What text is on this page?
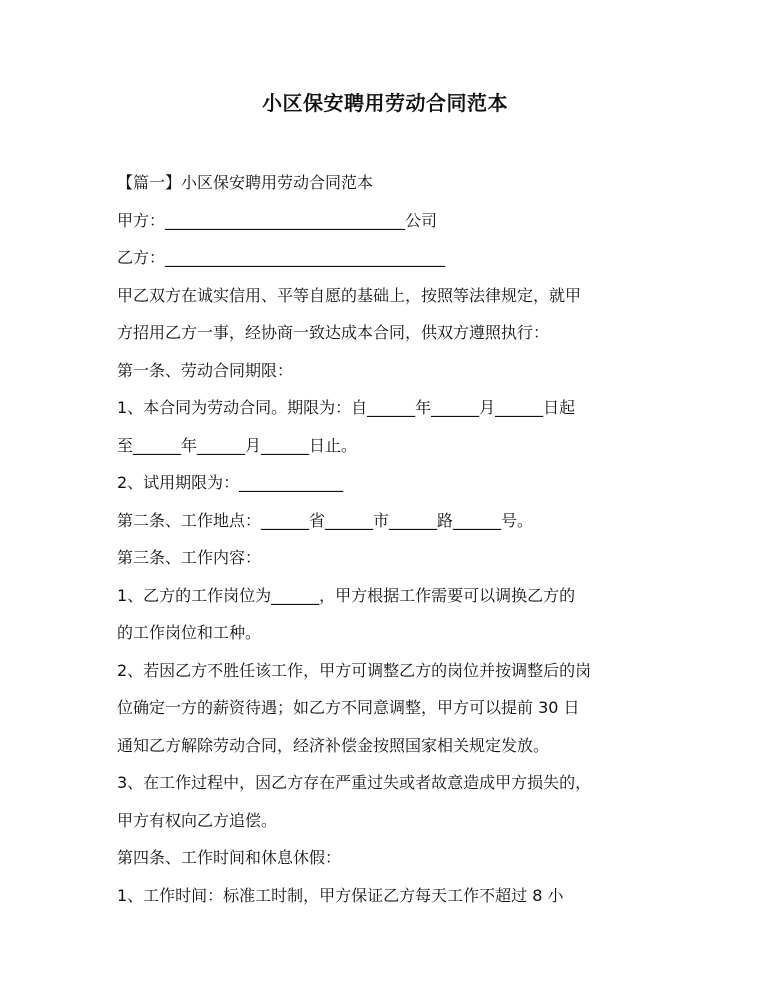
小区保安聘用劳动合同范本

【篇一】小区保安聘用劳动合同范本

甲方：______________________________公司

乙方：___________________________________

甲乙双方在诚实信用、平等自愿的基础上，按照等法律规定，就甲

方招用乙方一事，经协商一致达成本合同，供双方遵照执行：

第一条、劳动合同期限：

1、本合同为劳动合同。期限为：自______年______月______日起

至______年______月______日止。

2、试用期限为：_____________

第二条、工作地点：______省______市______路______号。

第三条、工作内容：

1、乙方的工作岗位为______，甲方根据工作需要可以调换乙方的

的工作岗位和工种。

2、若因乙方不胜任该工作，甲方可调整乙方的岗位并按调整后的岗

位确定一方的薪资待遇；如乙方不同意调整，甲方可以提前 30 日

通知乙方解除劳动合同，经济补偿金按照国家相关规定发放。

3、在工作过程中，因乙方存在严重过失或者故意造成甲方损失的，

甲方有权向乙方追偿。

第四条、工作时间和休息休假：

1、工作时间：标准工时制，甲方保证乙方每天工作不超过 8 小
